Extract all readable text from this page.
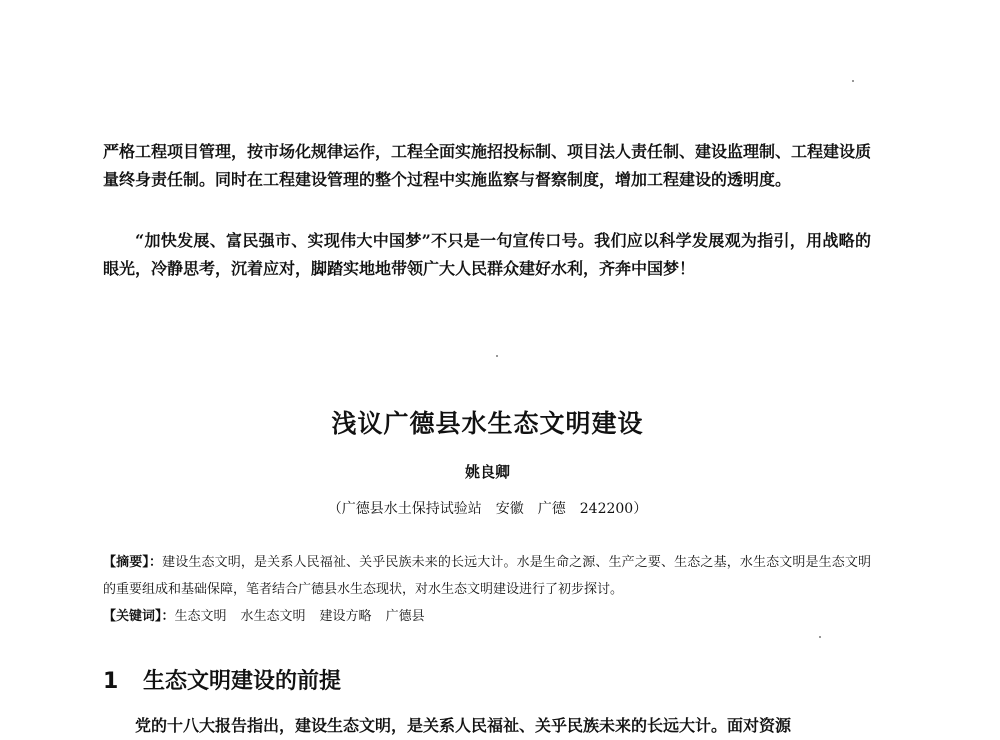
严格工程项目管理，按市场化规律运作，工程全面实施招投标制、项目法人责任制、建设监理制、工程建设质量终身责任制。同时在工程建设管理的整个过程中实施监察与督察制度，增加工程建设的透明度。

“加快发展、富民强市、实现伟大中国梦”不只是一句宣传口号。我们应以科学发展观为指引，用战略的眼光，冷静思考，沉着应对，脚踏实地地带领广大人民群众建好水利，齐奔中国梦！

浅议广德县水生态文明建设

姚良卿

（广德县水土保持试验站　安徽　广德　242200）

【摘要】：建设生态文明，是关系人民福祉、关乎民族未来的长远大计。水是生命之源、生产之要、生态之基，水生态文明是生态文明的重要组成和基础保障，笔者结合广德县水生态现状，对水生态文明建设进行了初步探讨。

【关键词】：生态文明 水生态文明 建设方略 广德县

1 生态文明建设的前提

党的十八大报告指出，建设生态文明，是关系人民福祉、关乎民族未来的长远大计。面对资源
